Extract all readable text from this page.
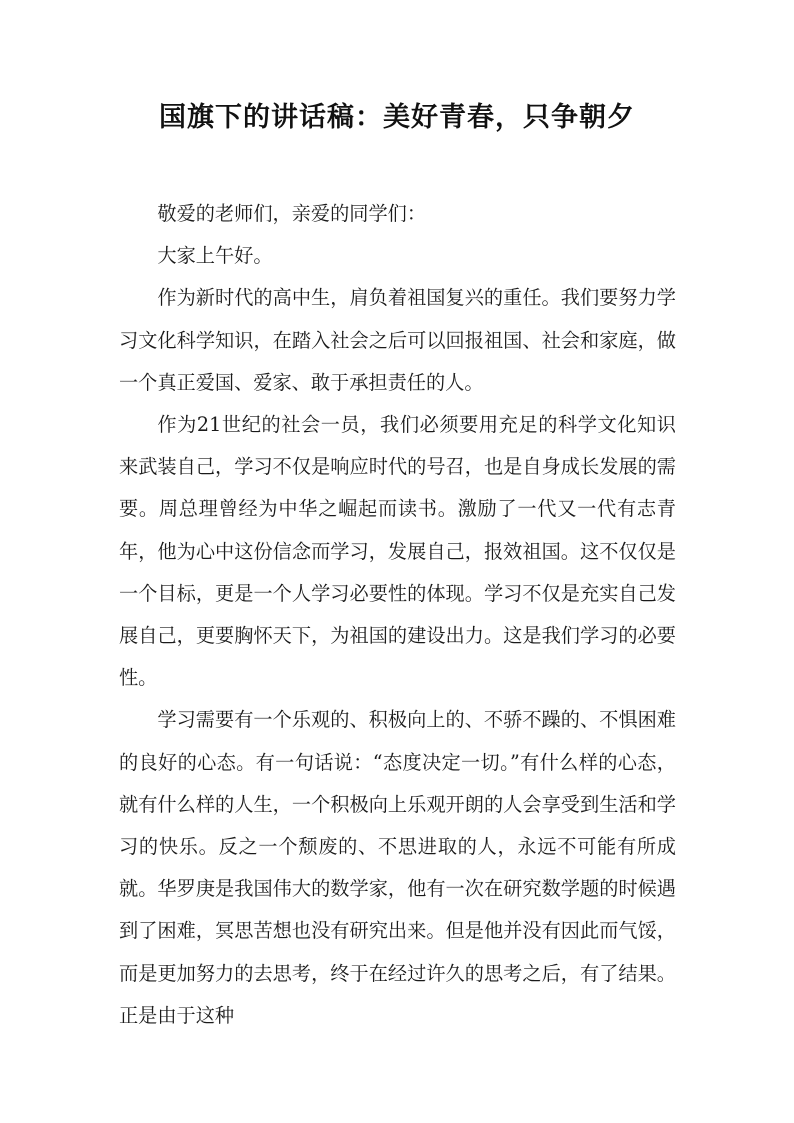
国旗下的讲话稿：美好青春，只争朝夕

敬爱的老师们，亲爱的同学们：

大家上午好。

作为新时代的高中生，肩负着祖国复兴的重任。我们要努力学习文化科学知识，在踏入社会之后可以回报祖国、社会和家庭，做一个真正爱国、爱家、敢于承担责任的人。

作为21世纪的社会一员，我们必须要用充足的科学文化知识来武装自己，学习不仅是响应时代的号召，也是自身成长发展的需要。周总理曾经为中华之崛起而读书。激励了一代又一代有志青年，他为心中这份信念而学习，发展自己，报效祖国。这不仅仅是一个目标，更是一个人学习必要性的体现。学习不仅是充实自己发展自己，更要胸怀天下，为祖国的建设出力。这是我们学习的必要性。

学习需要有一个乐观的、积极向上的、不骄不躁的、不惧困难的良好的心态。有一句话说：“态度决定一切。”有什么样的心态，就有什么样的人生，一个积极向上乐观开朗的人会享受到生活和学习的快乐。反之一个颓废的、不思进取的人，永远不可能有所成就。华罗庚是我国伟大的数学家，他有一次在研究数学题的时候遇到了困难，冥思苦想也没有研究出来。但是他并没有因此而气馁，而是更加努力的去思考，终于在经过许久的思考之后，有了结果。正是由于这种
